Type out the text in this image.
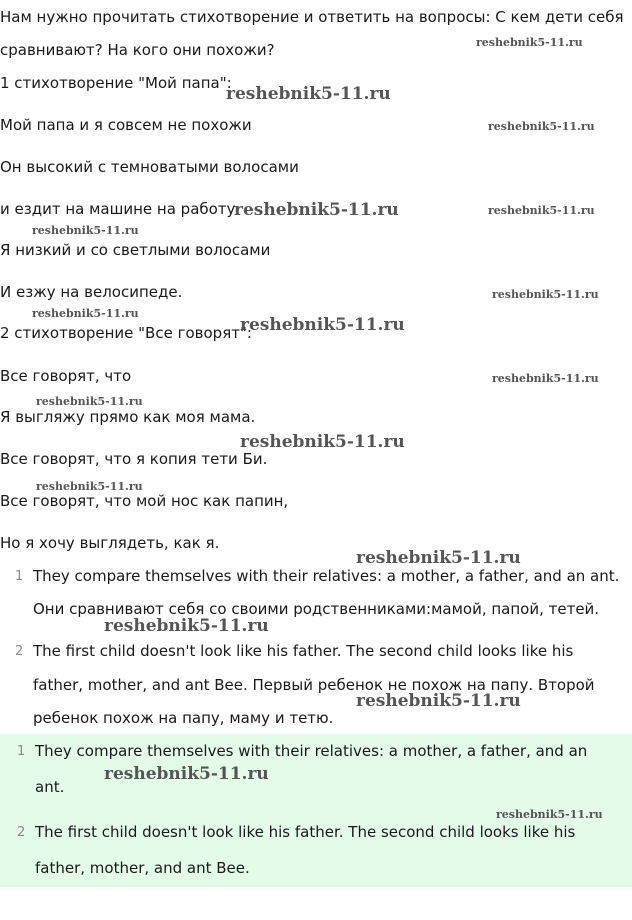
Нам нужно прочитать стихотворение и ответить на вопросы: С кем дети себя
сравнивают? На кого они похожи?
1 стихотворение "Мой папа":
Мой папа и я совсем не похожи
Он высокий с темноватыми волосами
и ездит на машине на работу.
Я низкий и со светлыми волосами
И езжу на велосипеде.
2 стихотворение "Все говорят":
Все говорят, что
Я выгляжу прямо как моя мама.
Все говорят, что я копия тети Би.
Все говорят, что мой нос как папин,
Но я хочу выглядеть, как я.
1 They compare themselves with their relatives: a mother, a father, and an ant.
Они сравнивают себя со своими родственниками:мамой, папой, тетей.
2 The first child doesn't look like his father. The second child looks like his
father, mother, and ant Bee. Первый ребенок не похож на папу. Второй
ребенок похож на папу, маму и тетю.
1 They compare themselves with their relatives: a mother, a father, and an
ant.
2 The first child doesn't look like his father. The second child looks like his
father, mother, and ant Bee.
reshebnik5-11.ru
reshebnik5-11.ru
reshebnik5-11.ru
reshebnik5-11.ru
reshebnik5-11.ru
reshebnik5-11.ru
reshebnik5-11.ru
reshebnik5-11.ru
reshebnik5-11.ru
reshebnik5-11.ru
reshebnik5-11.ru
reshebnik5-11.ru
reshebnik5-11.ru
reshebnik5-11.ru
reshebnik5-11.ru
reshebnik5-11.ru
reshebnik5-11.ru
reshebnik5-11.ru
